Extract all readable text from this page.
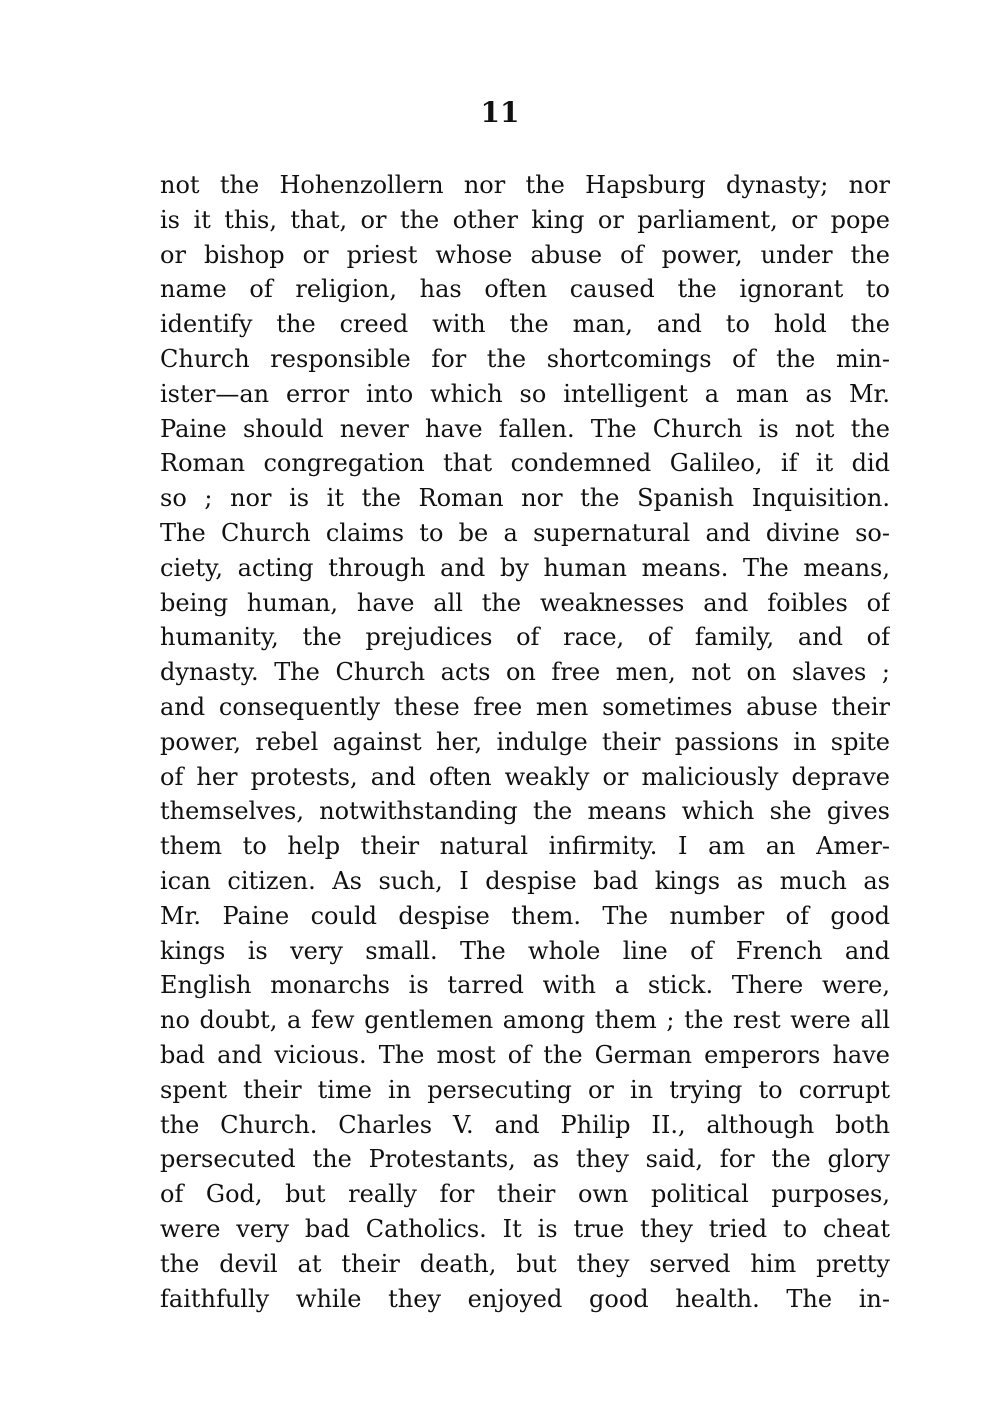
11
not the Hohenzollern nor the Hapsburg dynasty; nor
is it this, that, or the other king or parliament, or pope
or bishop or priest whose abuse of power, under the
name of religion, has often caused the ignorant to
identify the creed with the man, and to hold the
Church responsible for the shortcomings of the min-
ister—an error into which so intelligent a man as Mr.
Paine should never have fallen. The Church is not the
Roman congregation that condemned Galileo, if it did
so ; nor is it the Roman nor the Spanish Inquisition.
The Church claims to be a supernatural and divine so-
ciety, acting through and by human means. The means,
being human, have all the weaknesses and foibles of
humanity, the prejudices of race, of family, and of
dynasty. The Church acts on free men, not on slaves ;
and consequently these free men sometimes abuse their
power, rebel against her, indulge their passions in spite
of her protests, and often weakly or maliciously deprave
themselves, notwithstanding the means which she gives
them to help their natural infirmity. I am an Amer-
ican citizen. As such, I despise bad kings as much as
Mr. Paine could despise them. The number of good
kings is very small. The whole line of French and
English monarchs is tarred with a stick. There were,
no doubt, a few gentlemen among them ; the rest were all
bad and vicious. The most of the German emperors have
spent their time in persecuting or in trying to corrupt
the Church. Charles V. and Philip II., although both
persecuted the Protestants, as they said, for the glory
of God, but really for their own political purposes,
were very bad Catholics. It is true they tried to cheat
the devil at their death, but they served him pretty
faithfully while they enjoyed good health. The in-
